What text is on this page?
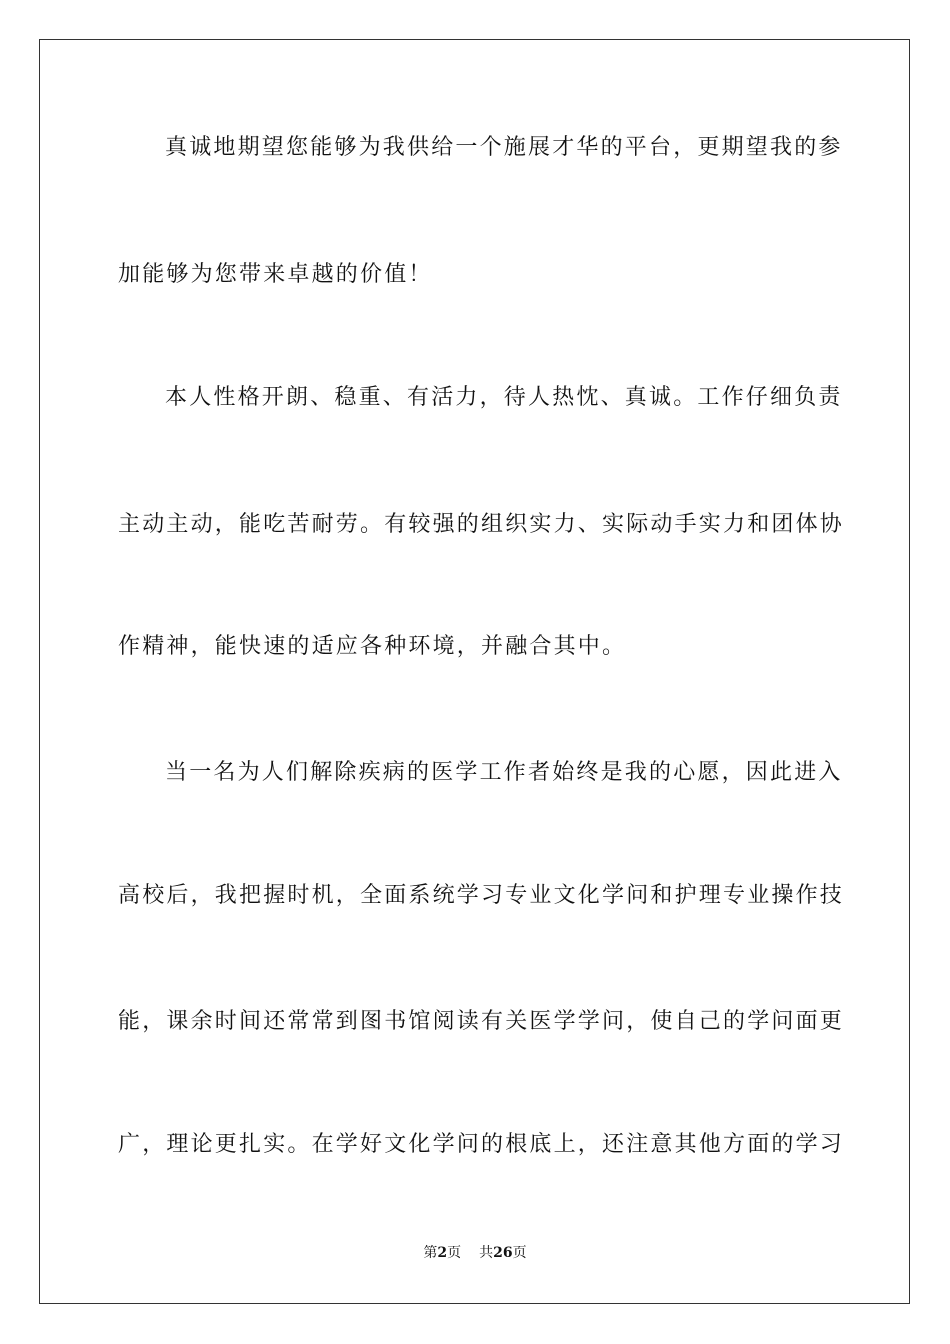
真诚地期望您能够为我供给一个施展才华的平台，更期望我的参
加能够为您带来卓越的价值！
本人性格开朗、稳重、有活力，待人热忱、真诚。工作仔细负责
主动主动，能吃苦耐劳。有较强的组织实力、实际动手实力和团体协
作精神，能快速的适应各种环境，并融合其中。
当一名为人们解除疾病的医学工作者始终是我的心愿，因此进入
高校后，我把握时机，全面系统学习专业文化学问和护理专业操作技
能，课余时间还常常到图书馆阅读有关医学学问，使自己的学问面更
广，理论更扎实。在学好文化学问的根底上，还注意其他方面的学习
第2页 共26页
